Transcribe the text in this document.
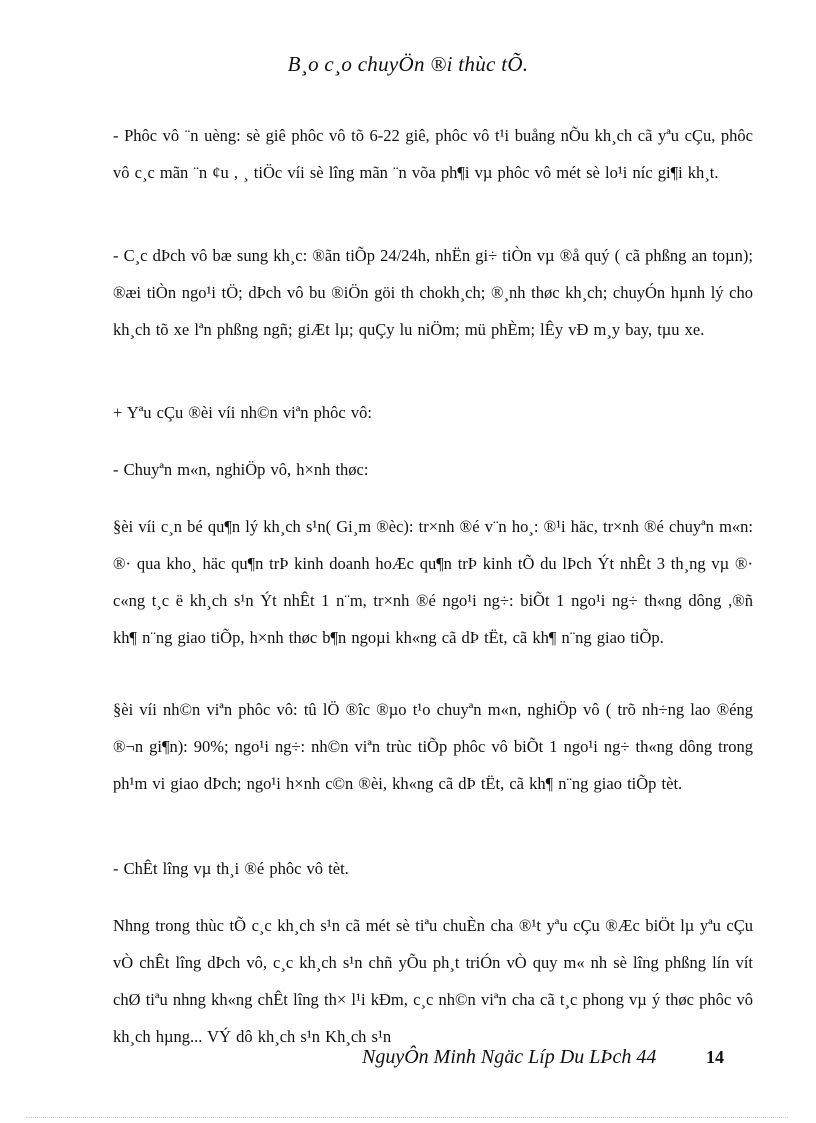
B¸o c¸o chuyÖn ®i thùc tÕ.

- Phôc vô ¨n uèng: sè giê phôc vô tõ 6-22 giê, phôc vô t¹i buång nÕu kh¸ch cã yªu cÇu, phôc vô c¸c mãn ¨n ¢u , ¸ tiÖc víi sè lîng mãn ¨n võa ph¶i vµ phôc vô mét sè lo¹i níc gi¶i kh¸t.

- C¸c dÞch vô bæ sung kh¸c: ®ãn tiÕp 24/24h, nhËn gi÷ tiÒn vµ ®å quý ( cã phßng an toµn); ®æi tiÒn ngo¹i tÖ; dÞch vô bu ®iÖn göi th chokh¸ch; ®¸nh thøc kh¸ch; chuyÓn hµnh lý cho kh¸ch tõ xe lªn phßng ngñ; giÆt lµ; quÇy lu niÖm; mü phÈm; lÊy vÐ m¸y bay, tµu xe.

+ Yªu cÇu ®èi víi nh©n viªn phôc vô:

- Chuyªn m«n, nghiÖp vô, h×nh thøc:

§èi víi c¸n bé qu¶n lý kh¸ch s¹n( Gi¸m ®èc): tr×nh ®é v¨n ho¸: ®¹i häc, tr×nh ®é chuyªn m«n: ®· qua kho¸ häc qu¶n trÞ kinh doanh hoÆc qu¶n trÞ kinh tÕ du lÞch Ýt nhÊt 3 th¸ng vµ ®· c«ng t¸c ë kh¸ch s¹n Ýt nhÊt 1 n¨m, tr×nh ®é ngo¹i ng÷: biÕt 1 ngo¹i ng÷ th«ng dông ,®ñ kh¶ n¨ng giao tiÕp, h×nh thøc b¶n ngoµi kh«ng cã dÞ tËt, cã kh¶ n¨ng giao tiÕp.

§èi víi nh©n viªn phôc vô: tû lÖ ®îc ®µo t¹o chuyªn m«n, nghiÖp vô ( trõ nh÷ng lao ®éng ®¬n gi¶n): 90%; ngo¹i ng÷: nh©n viªn trùc tiÕp phôc vô biÕt 1 ngo¹i ng÷ th«ng dông trong ph¹m vi giao dÞch; ngo¹i h×nh c©n ®èi, kh«ng cã dÞ tËt, cã kh¶ n¨ng giao tiÕp tèt.

- ChÊt lîng vµ th¸i ®é phôc vô tèt.

Nhng trong thùc tÕ c¸c kh¸ch s¹n cã mét sè tiªu chuÈn cha ®¹t yªu cÇu ®Æc biÖt lµ yªu cÇu vÒ chÊt lîng dÞch vô, c¸c kh¸ch s¹n chñ yÕu ph¸t triÓn vÒ quy m« nh sè lîng phßng lín vít chØ tiªu nhng kh«ng chÊt lîng th× l¹i kÐm, c¸c nh©n viªn cha cã t¸c phong vµ ý thøc phôc vô kh¸ch hµng... VÝ dô kh¸ch s¹n Kh¸ch s¹n

NguyÔn Minh Ngäc Líp Du LÞch 44	14
